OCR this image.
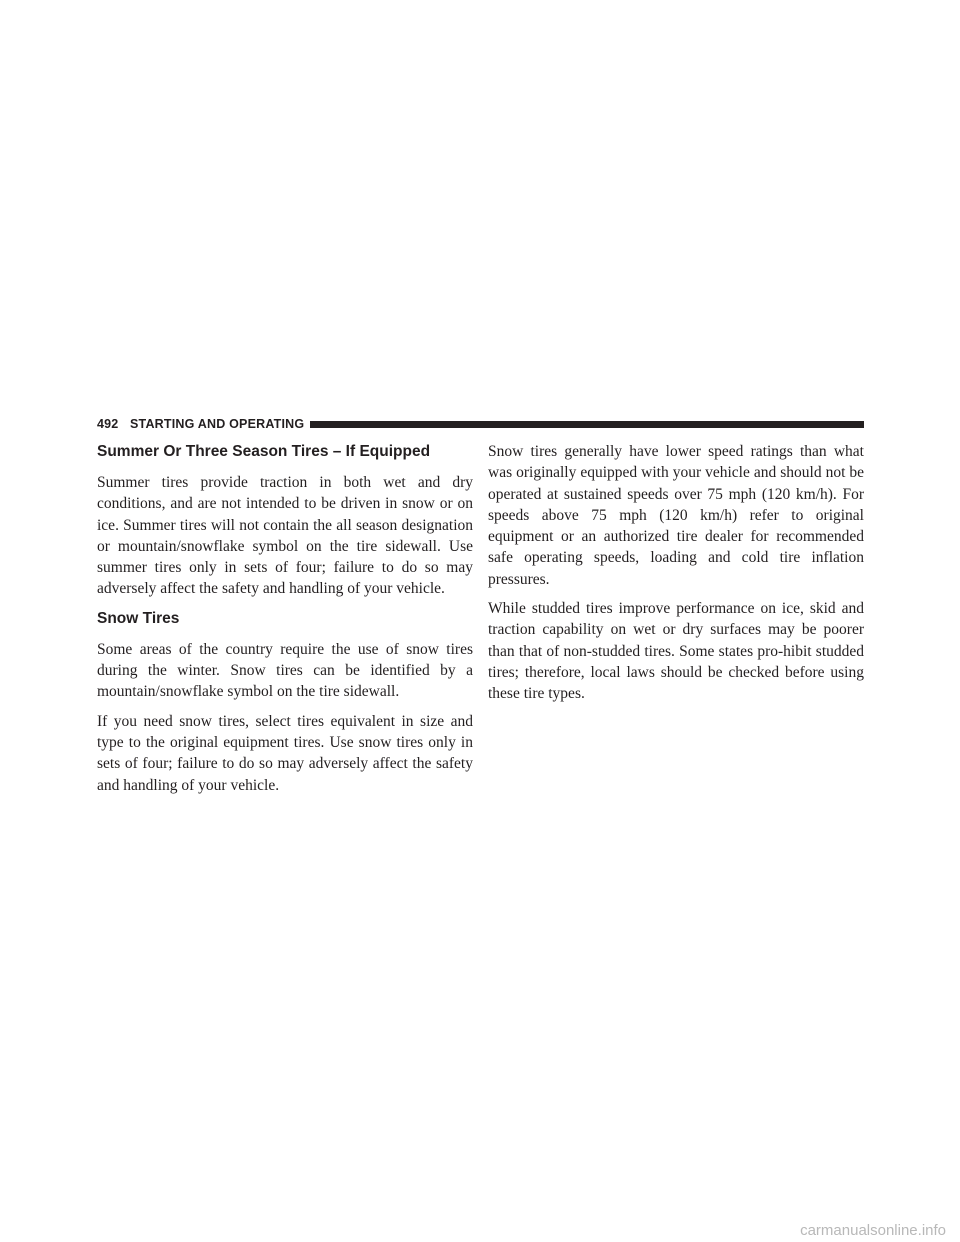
492 STARTING AND OPERATING
Summer Or Three Season Tires – If Equipped

Summer tires provide traction in both wet and dry conditions, and are not intended to be driven in snow or on ice. Summer tires will not contain the all season designation or mountain/snowflake symbol on the tire sidewall. Use summer tires only in sets of four; failure to do so may adversely affect the safety and handling of your vehicle.

Snow Tires

Some areas of the country require the use of snow tires during the winter. Snow tires can be identified by a mountain/snowflake symbol on the tire sidewall.

If you need snow tires, select tires equivalent in size and type to the original equipment tires. Use snow tires only in sets of four; failure to do so may adversely affect the safety and handling of your vehicle.

Snow tires generally have lower speed ratings than what was originally equipped with your vehicle and should not be operated at sustained speeds over 75 mph (120 km/h). For speeds above 75 mph (120 km/h) refer to original equipment or an authorized tire dealer for recommended safe operating speeds, loading and cold tire inflation pressures.

While studded tires improve performance on ice, skid and traction capability on wet or dry surfaces may be poorer than that of non-studded tires. Some states pro-hibit studded tires; therefore, local laws should be checked before using these tire types.

carmanualsonline.info
